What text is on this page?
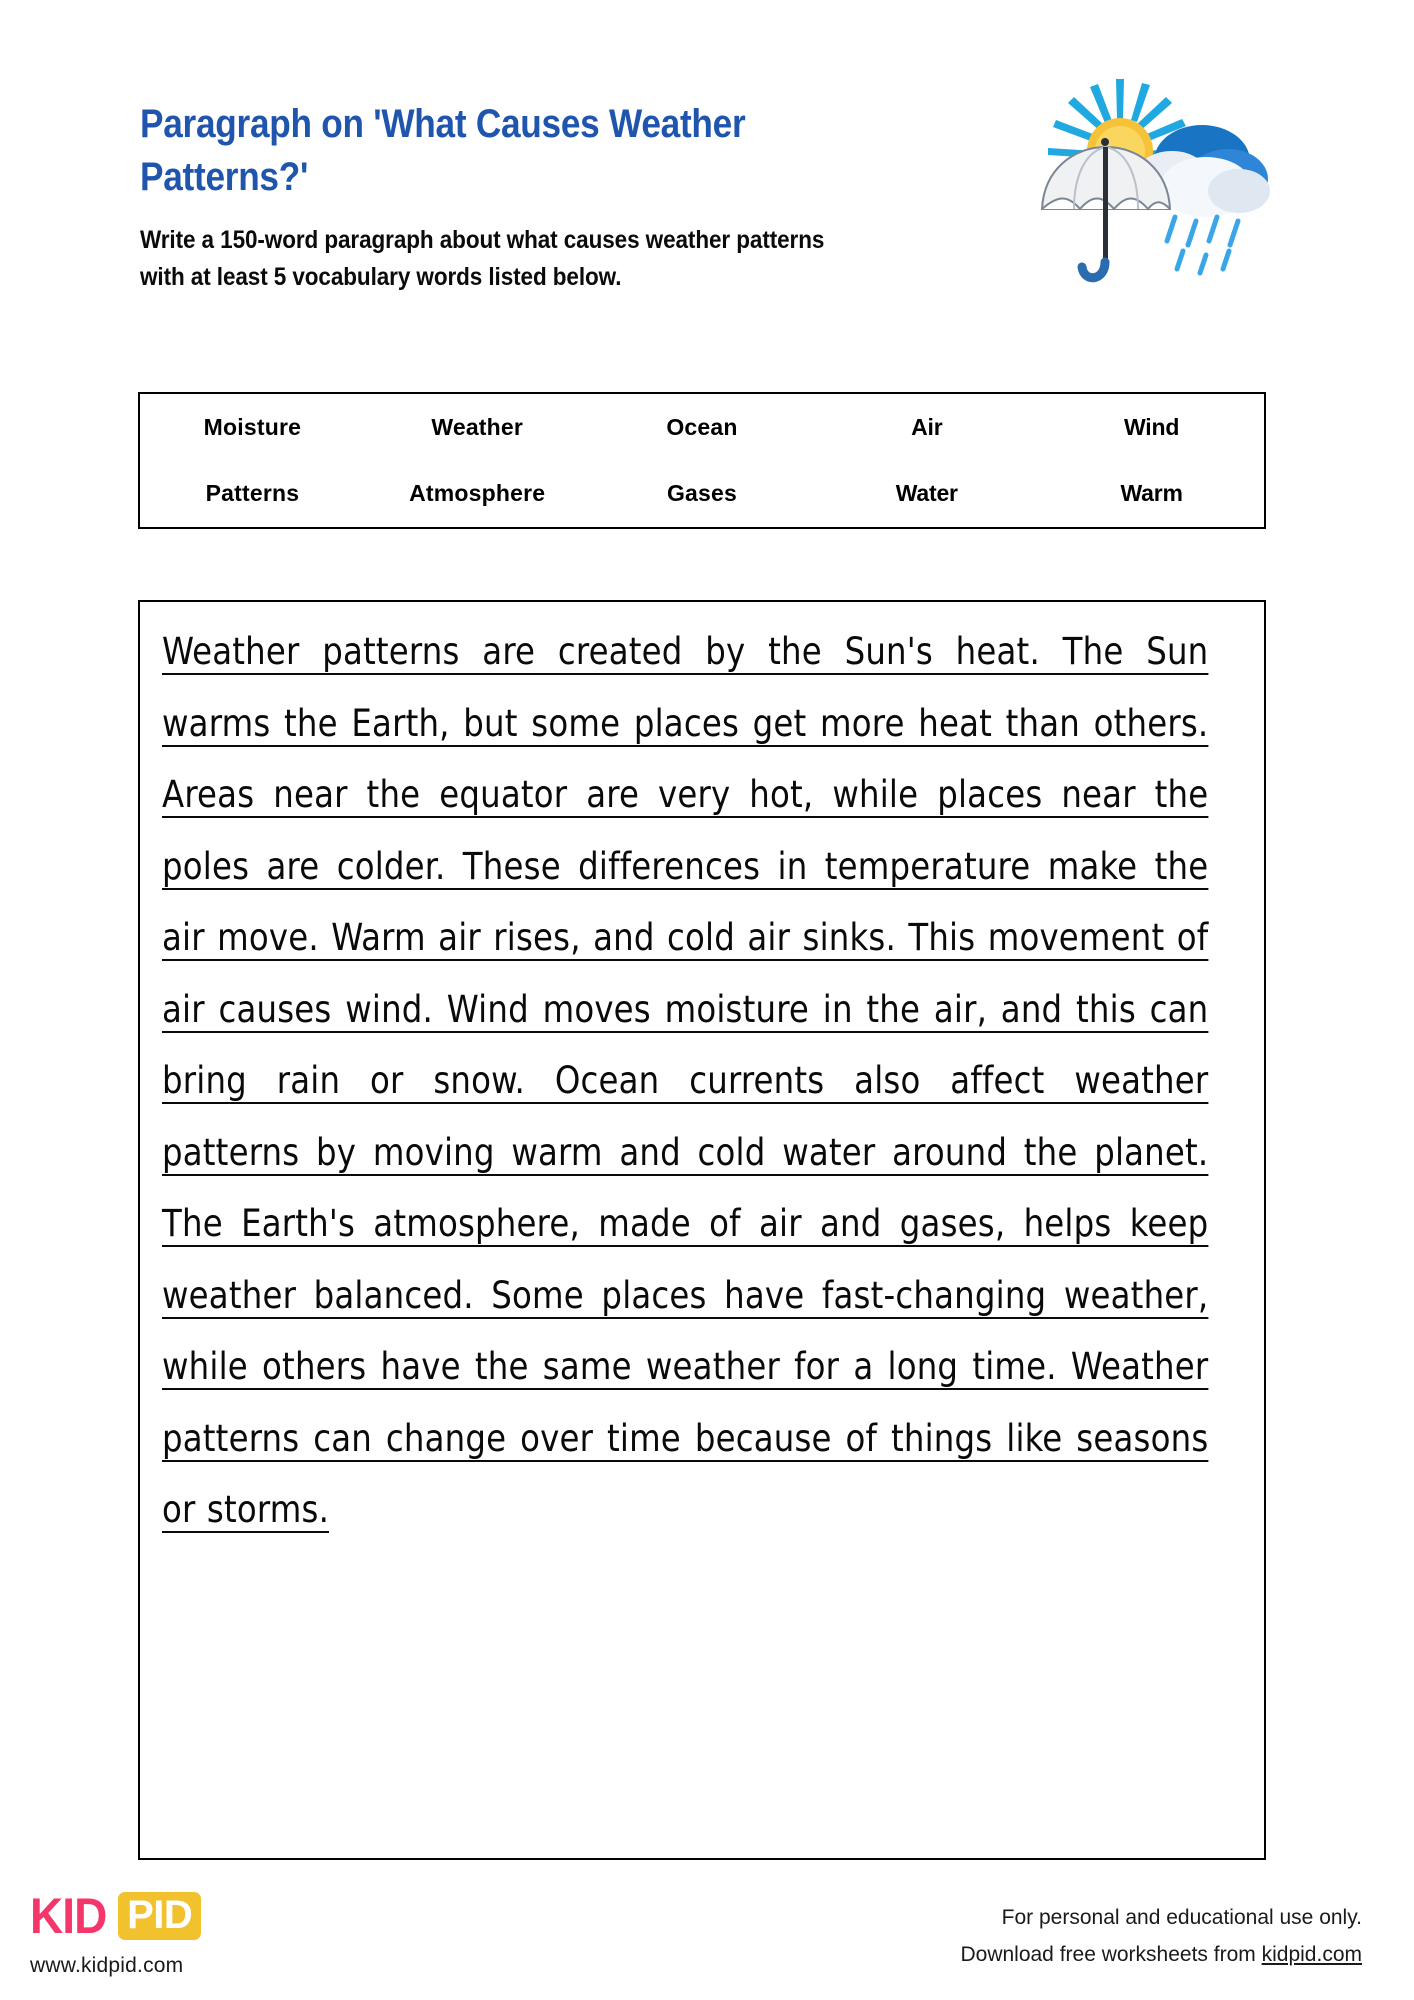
Paragraph on 'What Causes Weather Patterns?'

Write a 150-word paragraph about what causes weather patterns with at least 5 vocabulary words listed below.

Moisture	Weather	Ocean	Air	Wind
Patterns	Atmosphere	Gases	Water	Warm

Weather patterns are created by the Sun's heat. The Sun warms the Earth, but some places get more heat than others. Areas near the equator are very hot, while places near the poles are colder. These differences in temperature make the air move. Warm air rises, and cold air sinks. This movement of air causes wind. Wind moves moisture in the air, and this can bring rain or snow. Ocean currents also affect weather patterns by moving warm and cold water around the planet. The Earth's atmosphere, made of air and gases, helps keep weather balanced. Some places have fast-changing weather, while others have the same weather for a long time. Weather patterns can change over time because of things like seasons or storms.

KID PID
www.kidpid.com
For personal and educational use only.
Download free worksheets from kidpid.com
